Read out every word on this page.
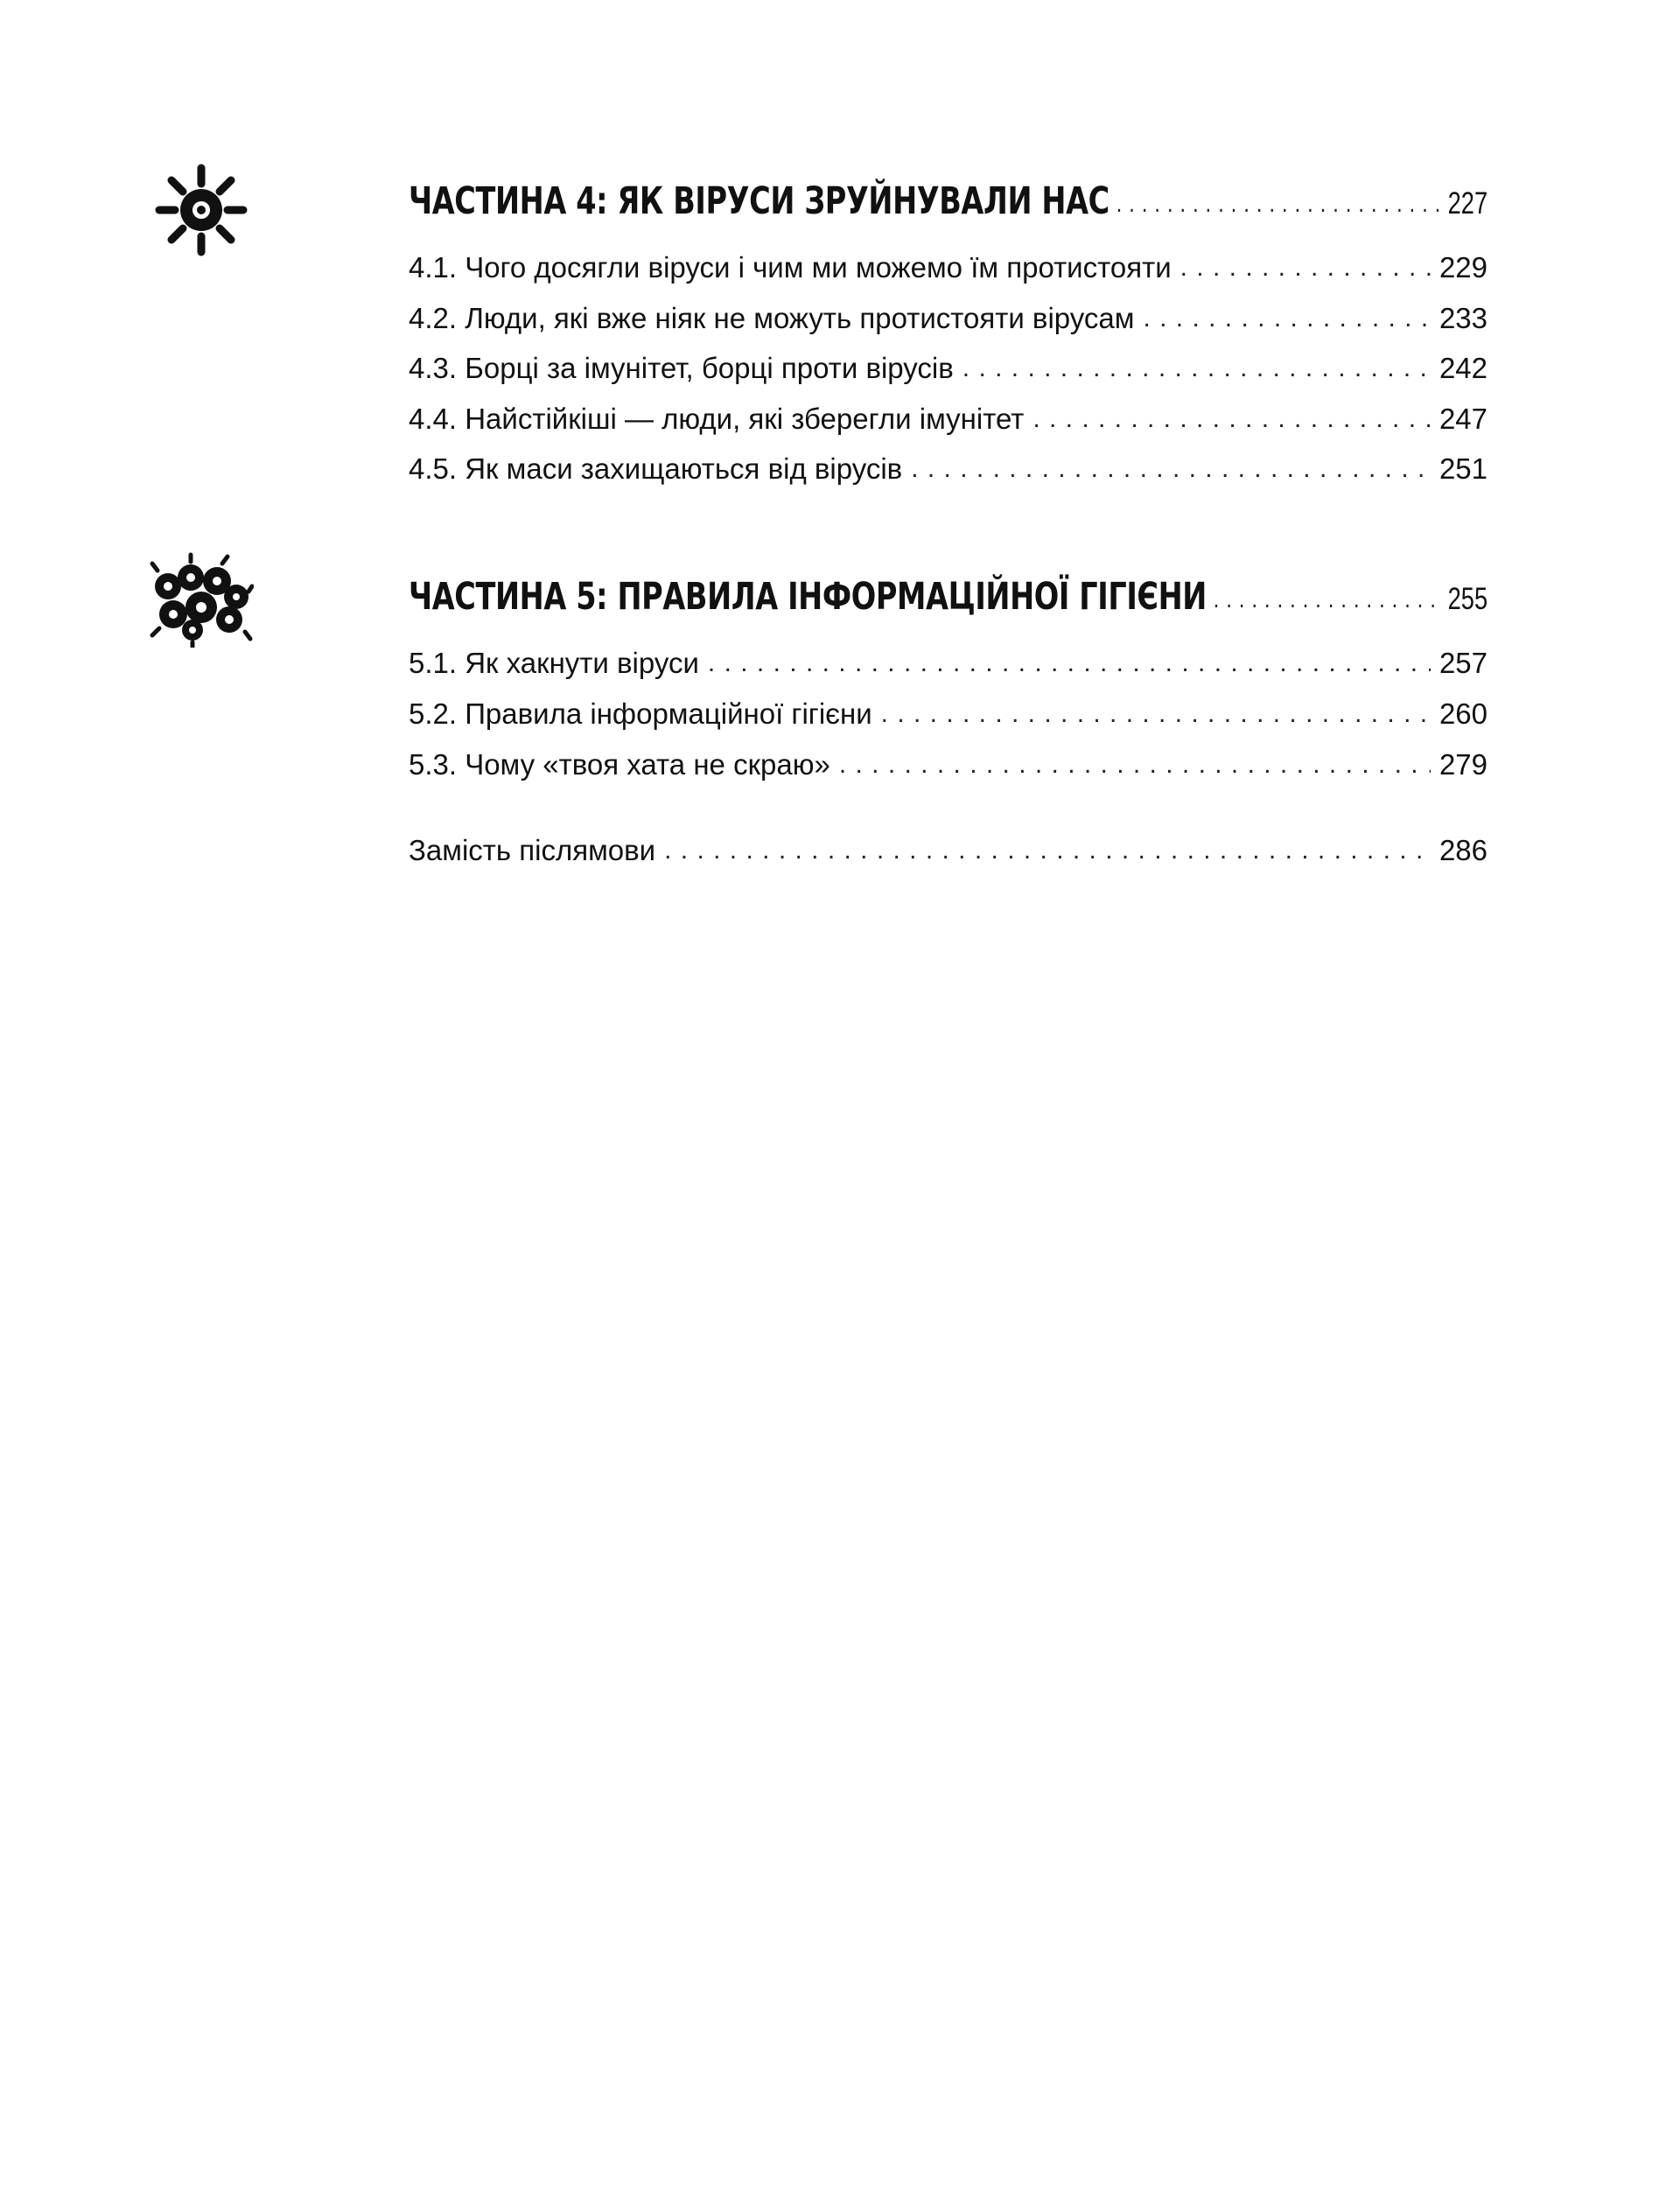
ЧАСТИНА 4: ЯК ВІРУСИ ЗРУЙНУВАЛИ НАС . . .	227
4.1. Чого досягли віруси і чим ми можемо їм протистояти . . .	229
4.2. Люди, які вже ніяк не можуть протистояти вірусам . . .	233
4.3. Борці за імунітет, борці проти вірусів . . .	242
4.4. Найстійкіші — люди, які зберегли імунітет . . .	247
4.5. Як маси захищаються від вірусів . . .	251
ЧАСТИНА 5: ПРАВИЛА ІНФОРМАЦІЙНОЇ ГІГІЄНИ . . .	255
5.1. Як хакнути віруси . . .	257
5.2. Правила інформаційної гігієни . . .	260
5.3. Чому «твоя хата не скраю» . . .	279
Замість післямови . . .	286
